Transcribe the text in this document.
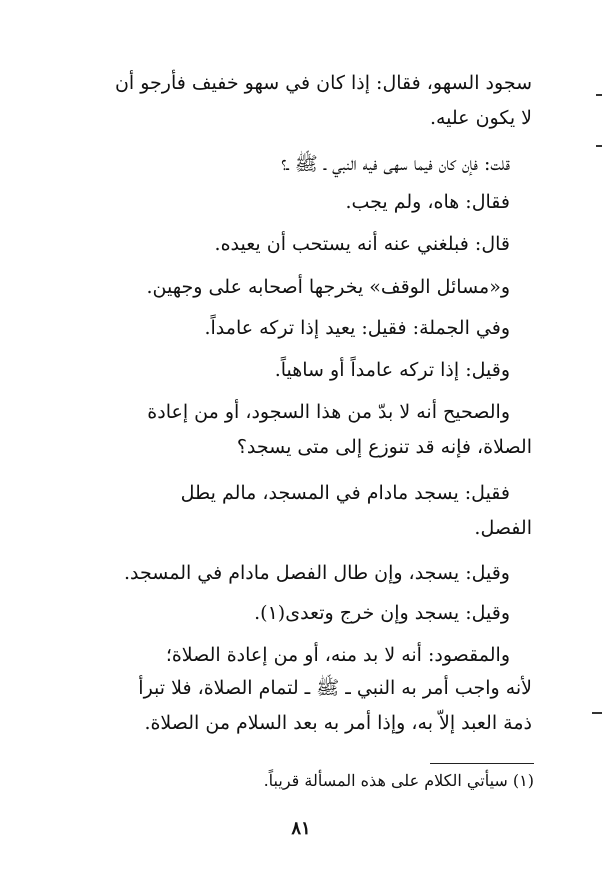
سجود السهو، فقال: إذا كان في سهو خفيف فأرجو أن
لا يكون عليه.
قلت: فإن كان فيما سهى فيه النبي ـ ﷺ ـ؟
فقال: هاه، ولم يجب.
قال: فبلغني عنه أنه يستحب أن يعيده.
و«مسائل الوقف» يخرجها أصحابه على وجهين.
وفي الجملة: فقيل: يعيد إذا تركه عامداً.
وقيل: إذا تركه عامداً أو ساهياً.
والصحيح أنه لا بدّ من هذا السجود، أو من إعادة
الصلاة، فإنه قد تنوزع إلى متى يسجد؟
فقيل: يسجد مادام في المسجد، مالم يطل
الفصل.
وقيل: يسجد، وإن طال الفصل مادام في المسجد.
وقيل: يسجد وإن خرج وتعدى(١).
والمقصود: أنه لا بد منه، أو من إعادة الصلاة؛
لأنه واجب أمر به النبي ـ ﷺ ـ لتمام الصلاة، فلا تبرأ
ذمة العبد إلاّ به، وإذا أمر به بعد السلام من الصلاة.
(١) سيأتي الكلام على هذه المسألة قريباً.
٨١
